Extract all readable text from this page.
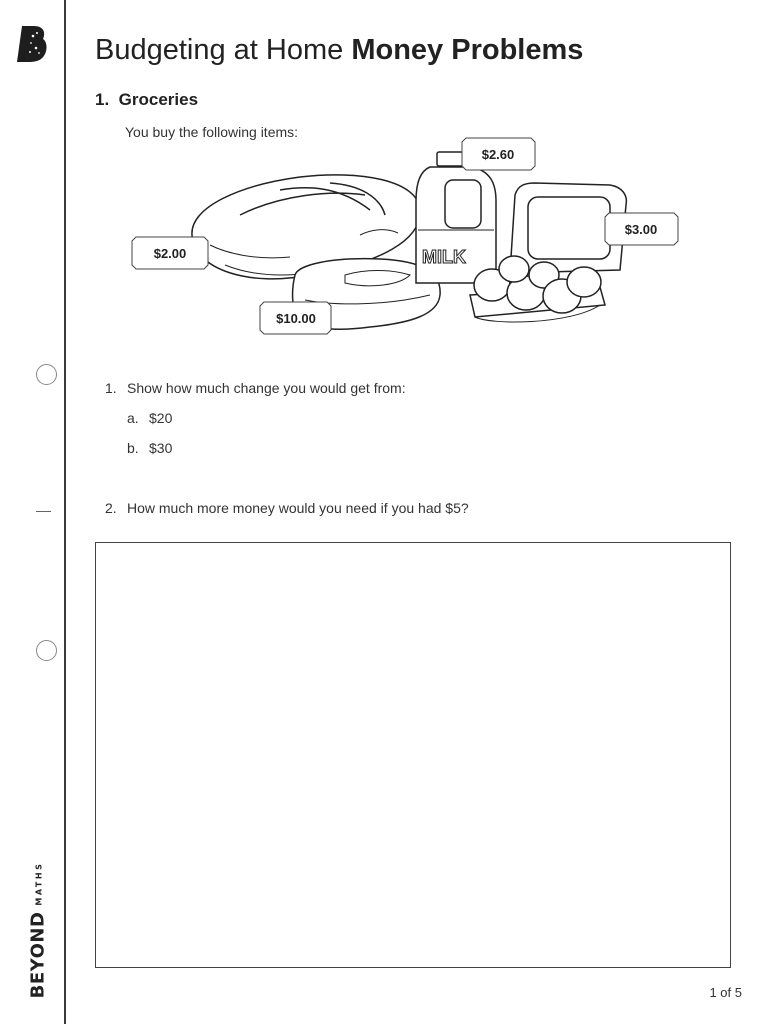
BEYONDMATHS
Budgeting at Home Money Problems
1. Groceries
You buy the following items:
MILK
$2.00
$2.60
$3.00
$10.00
1. Show how much change you would get from:
a. $20
b. $30
2. How much more money would you need if you had $5?
1 of 5
